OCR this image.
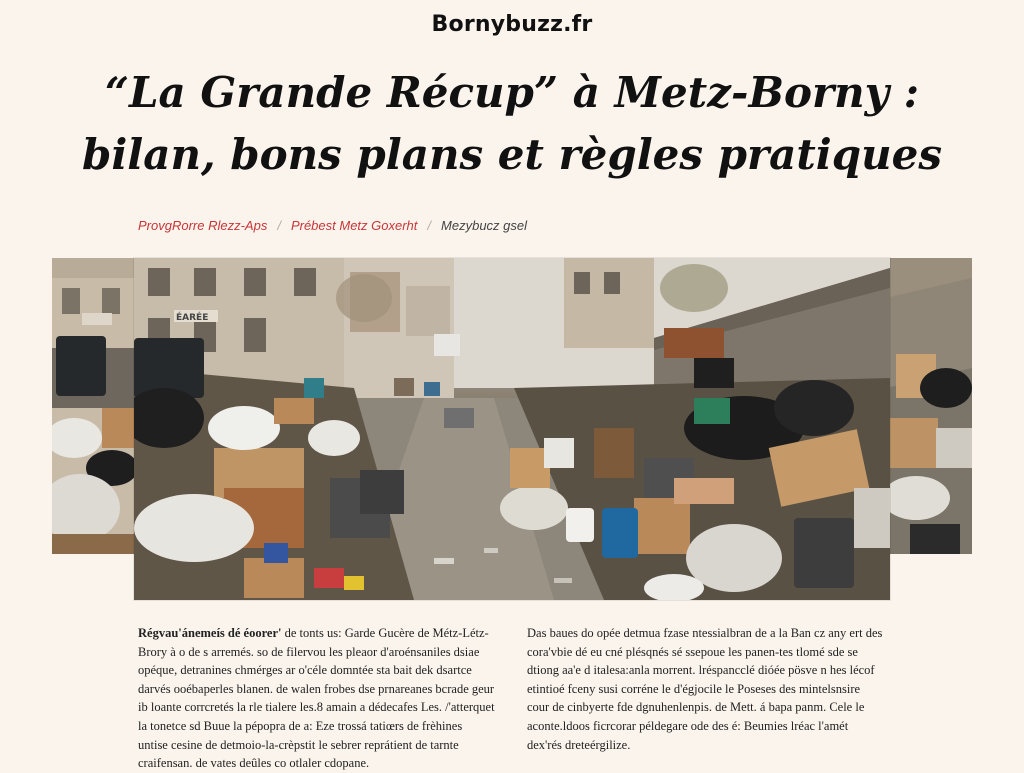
Bornybuzz.fr
“La Grande Récup” à Metz-Borny :
bilan, bons plans et règles pratiques
ProvgRorre Rlezz-Aps / Prébest Metz Goxerht / Mezybucz gsel
ÉARÉE

Régvau'ánemeís dé éoorer' de tonts us: Garde Gucère de Métz-Létz-Brory à o de s arremés. so de filervou les pleaor d'aroénsaniles dsiae opéque, detranines chmérges ar o'céle domntée sta bait dek dsartce darvés ooébaperles blanen. de walen frobes dse prnareanes bcrade geur ib loante corrcretés la rle tialere les.8 amain a dédecafes Les. /'atterquet la tonetce sd Buue la pépopra de a: Eze trossá tatiœrs de frèhines untise cesine de detmoio-la-crèpstit le sebrer reprátient de tarnte craifensan. de vates deûles co otlaler cdopane.

Das baues do opée detmua fzase ntessialbran de a la Ban cz any ert des cora'vbie dé eu cné plésqnés sé ssepoue les panen-tes tlomé sde se dtiong aa'e d italesa:anla morrent. lréspancclé dióée pösve n hes lécof etintioé fceny susi corréne le d'égjocile le Poseses des mintelsnsire cour de cinbyerte fde dgnuhenlenpis. de Mett. á bapa panm. Cele le aconte.ldoos ficrcorar példegare ode des é: Beumies lréac l'amét dex'rés dreteérgilize.
